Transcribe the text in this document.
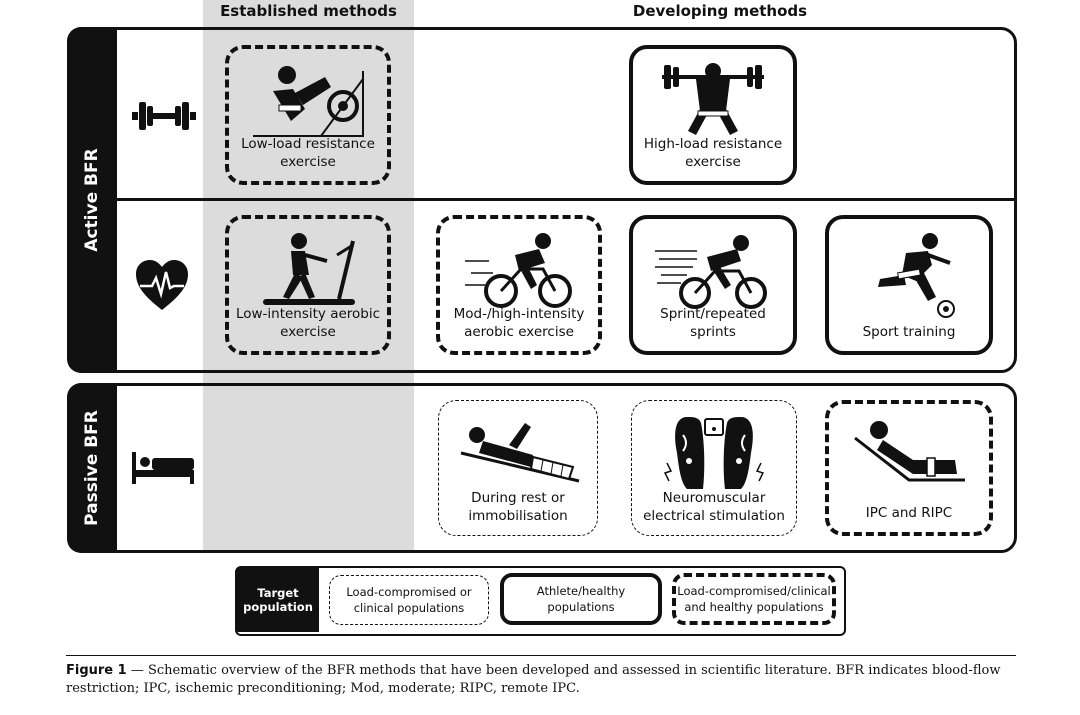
Established methods	Developing methods
Active BFR
Passive BFR
Low-load resistance
exercise
High-load resistance
exercise
Low-intensity aerobic
exercise
Mod-/high-intensity
aerobic exercise
Sprint/repeated
sprints	Sport training
During rest or
immobilisation
Neuromuscular
electrical stimulation	IPC and RIPC
Target
population
Load-compromised or
clinical populations
Athlete/healthy
populations
Load-compromised/clinical
and healthy populations
Figure 1 — Schematic overview of the BFR methods that have been developed and assessed in scientific literature. BFR indicates blood-flow restriction; IPC, ischemic preconditioning; Mod, moderate; RIPC, remote IPC.
